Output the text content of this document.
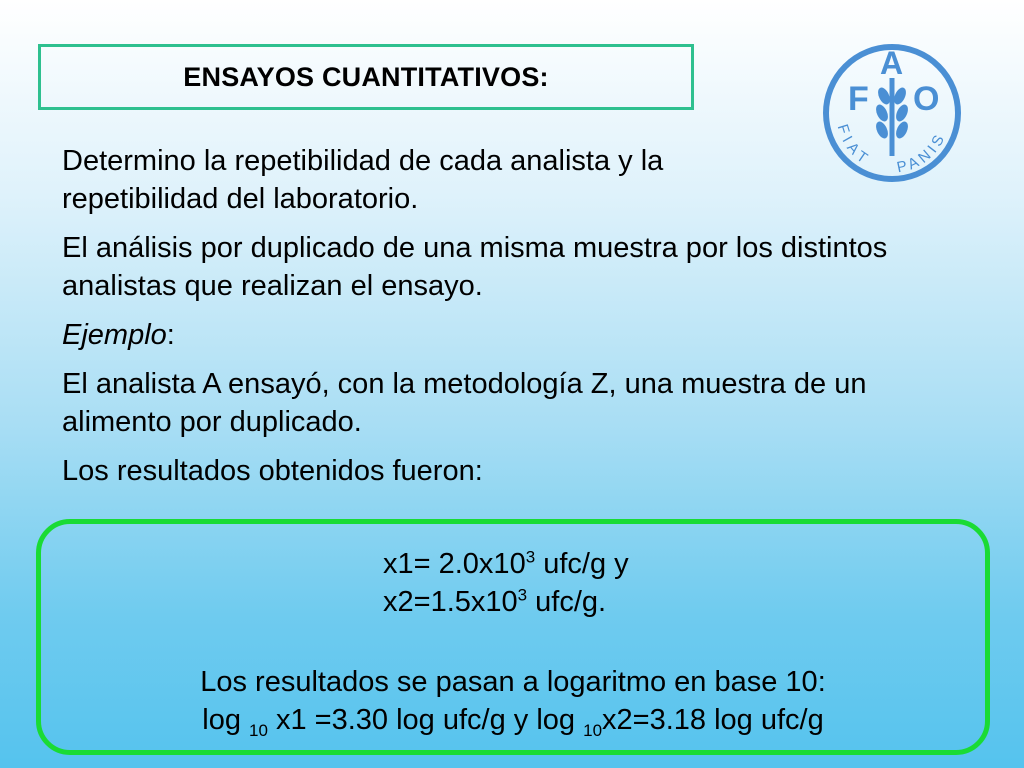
ENSAYOS CUANTITATIVOS:
F
A
O
FIAT PANIS

Determino la repetibilidad de cada analista y la repetibilidad del laboratorio.

El análisis por duplicado de una misma muestra por los distintos analistas que realizan el ensayo.

Ejemplo:

El analista A ensayó, con la metodología Z, una muestra de un alimento por duplicado.

Los resultados obtenidos fueron:

$x1= 2.0x10^3$ ufc/g y
$x2=1.5x10^3$ ufc/g.
Los resultados se pasan a logaritmo en base 10:
log $_{10}$ x1 =3.30 log ufc/g y log $_{10}$x2=3.18 log ufc/g
